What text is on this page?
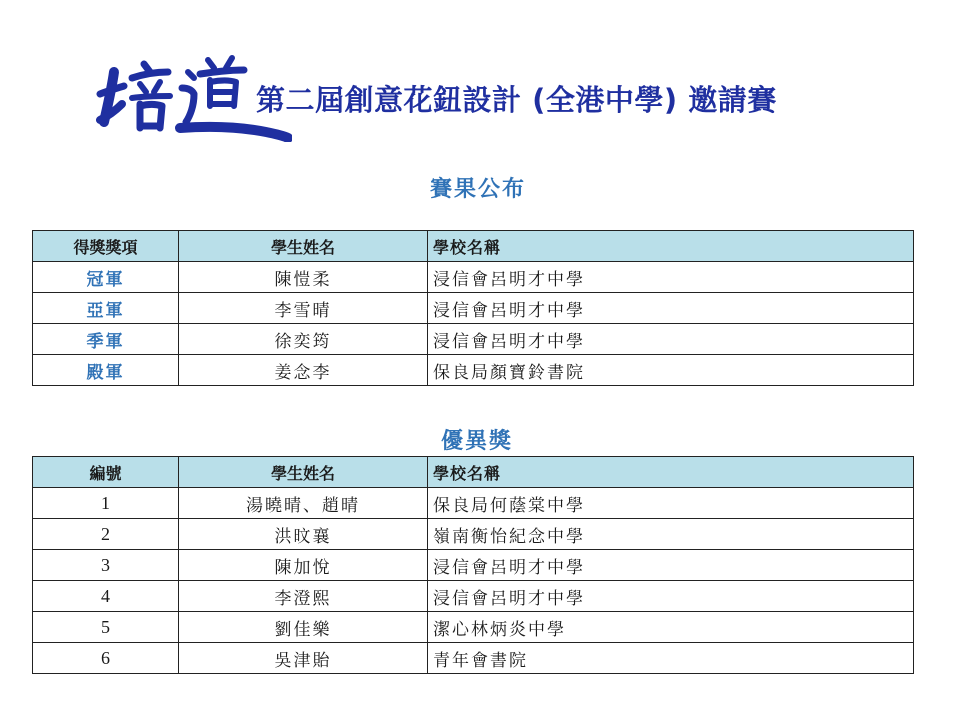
第二屆創意花鈕設計 (全港中學) 邀請賽
賽果公布
得獎獎項	學生姓名	學校名稱
冠軍	陳愷柔	浸信會呂明才中學
亞軍	李雪晴	浸信會呂明才中學
季軍	徐奕筠	浸信會呂明才中學
殿軍	姜念李	保良局顏寶鈴書院
優異獎
編號	學生姓名	學校名稱
1	湯曉晴、趙晴	保良局何蔭棠中學
2	洪旼襄	嶺南衡怡紀念中學
3	陳加悅	浸信會呂明才中學
4	李澄熙	浸信會呂明才中學
5	劉佳樂	潔心林炳炎中學
6	吳津貽	青年會書院
